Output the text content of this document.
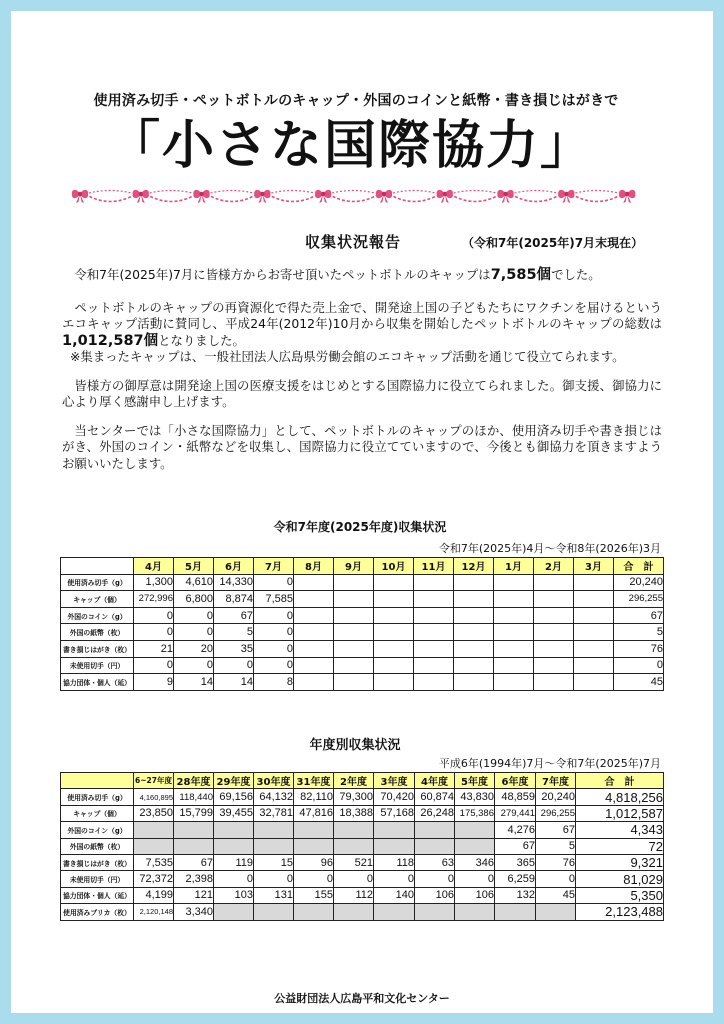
使用済み切手・ペットボトルのキャップ・外国のコインと紙幣・書き損じはがきで
「小さな国際協力」
収集状況報告	（令和7年(2025年)7月末現在）

令和7年(2025年)7月に皆様方からお寄せ頂いたペットボトルのキャップは7,585個でした。

ペットボトルのキャップの再資源化で得た売上金で、開発途上国の子どもたちにワクチンを届けるというエコキャップ活動に賛同し、平成24年(2012年)10月から収集を開始したペットボトルのキャップの総数は1,012,587個となりました。

※集まったキャップは、一般社団法人広島県労働会館のエコキャップ活動を通じて役立てられます。

皆様方の御厚意は開発途上国の医療支援をはじめとする国際協力に役立てられました。御支援、御協力に心より厚く感謝申し上げます。

当センターでは「小さな国際協力」として、ペットボトルのキャップのほか、使用済み切手や書き損じはがき、外国のコイン・紙幣などを収集し、国際協力に役立てていますので、今後とも御協力を頂きますようお願いいたします。

令和7年度(2025年度)収集状況
令和7年(2025年)4月～令和8年(2026年)3月
	4月	5月	6月	7月	8月	9月	10月	11月	12月	1月	2月	3月	合　計
使用済み切手（g）	1,300	4,610	14,330	0									20,240
キャップ（個）	272,996	6,800	8,874	7,585									296,255
外国のコイン（g）	0	0	67	0									67
外国の紙幣（枚）	0	0	5	0									5
書き損じはがき（枚）	21	20	35	0									76
未使用切手（円）	0	0	0	0									0
協力団体・個人（延）	9	14	14	8									45
年度別収集状況
平成6年(1994年)7月～令和7年(2025年)7月
	6~27年度	28年度	29年度	30年度	31年度	2年度	3年度	4年度	5年度	6年度	7年度	合　計
使用済み切手（g）	4,160,895	118,440	69,156	64,132	82,110	79,300	70,420	60,874	43,830	48,859	20,240	4,818,256
キャップ（個）	23,850	15,799	39,455	32,781	47,816	18,388	57,168	26,248	175,386	279,441	296,255	1,012,587
外国のコイン（g）										4,276	67	4,343
外国の紙幣（枚）										67	5	72
書き損じはがき（枚）	7,535	67	119	15	96	521	118	63	346	365	76	9,321
未使用切手（円）	72,372	2,398	0	0	0	0	0	0	0	6,259	0	81,029
協力団体・個人（延）	4,199	121	103	131	155	112	140	106	106	132	45	5,350
使用済みプリカ（枚）	2,120,148	3,340										2,123,488
公益財団法人広島平和文化センター
